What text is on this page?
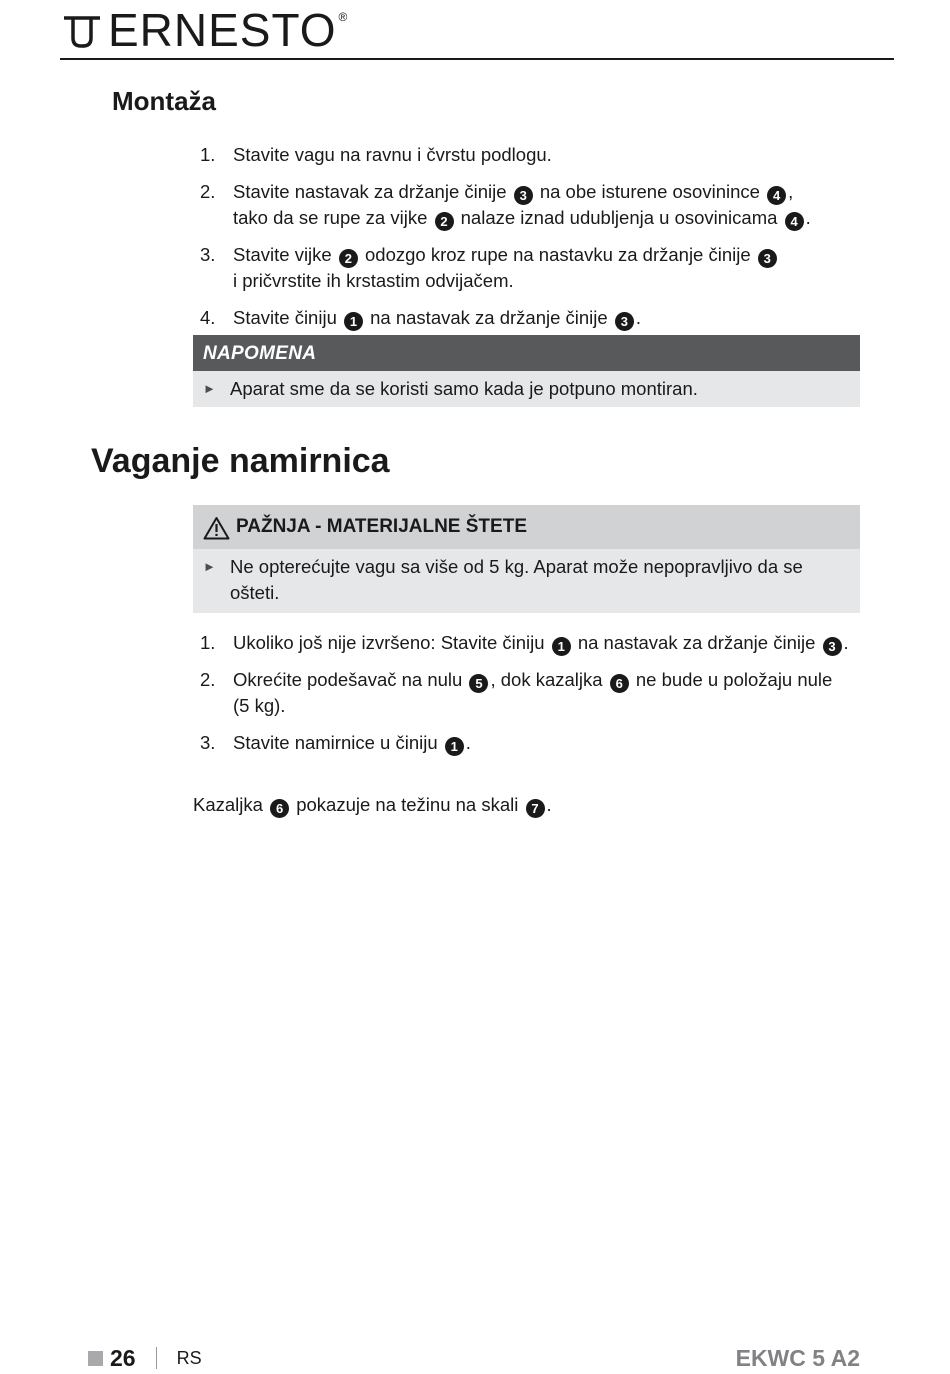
ERNESTO ®
Montaža
1. Stavite vagu na ravnu i čvrstu podlogu.
2. Stavite nastavak za držanje činije 3 na obe isturene osovinince 4 ,
tako da se rupe za vijke 2 nalaze iznad udubljenja u osovinicama 4 .
3. Stavite vijke 2 odozgo kroz rupe na nastavku za držanje činije 3
i pričvrstite ih krstastim odvijačem.
4. Stavite činiju 1 na nastavak za držanje činije 3 .
NAPOMENA
► Aparat sme da se koristi samo kada je potpuno montiran.
Vaganje namirnica
PAŽNJA - MATERIJALNE ŠTETE
► Ne opterećujte vagu sa više od 5 kg. Aparat može nepopravljivo da se ošteti.
1. Ukoliko još nije izvršeno: Stavite činiju 1 na nastavak za držanje činije 3 .
2. Okrećite podešavač na nulu 5 , dok kazaljka 6 ne bude u položaju nule
(5 kg).
3. Stavite namirnice u činiju 1 .

Kazaljka 6 pokazuje na težinu na skali 7 .

26 RS	EKWC 5 A2
